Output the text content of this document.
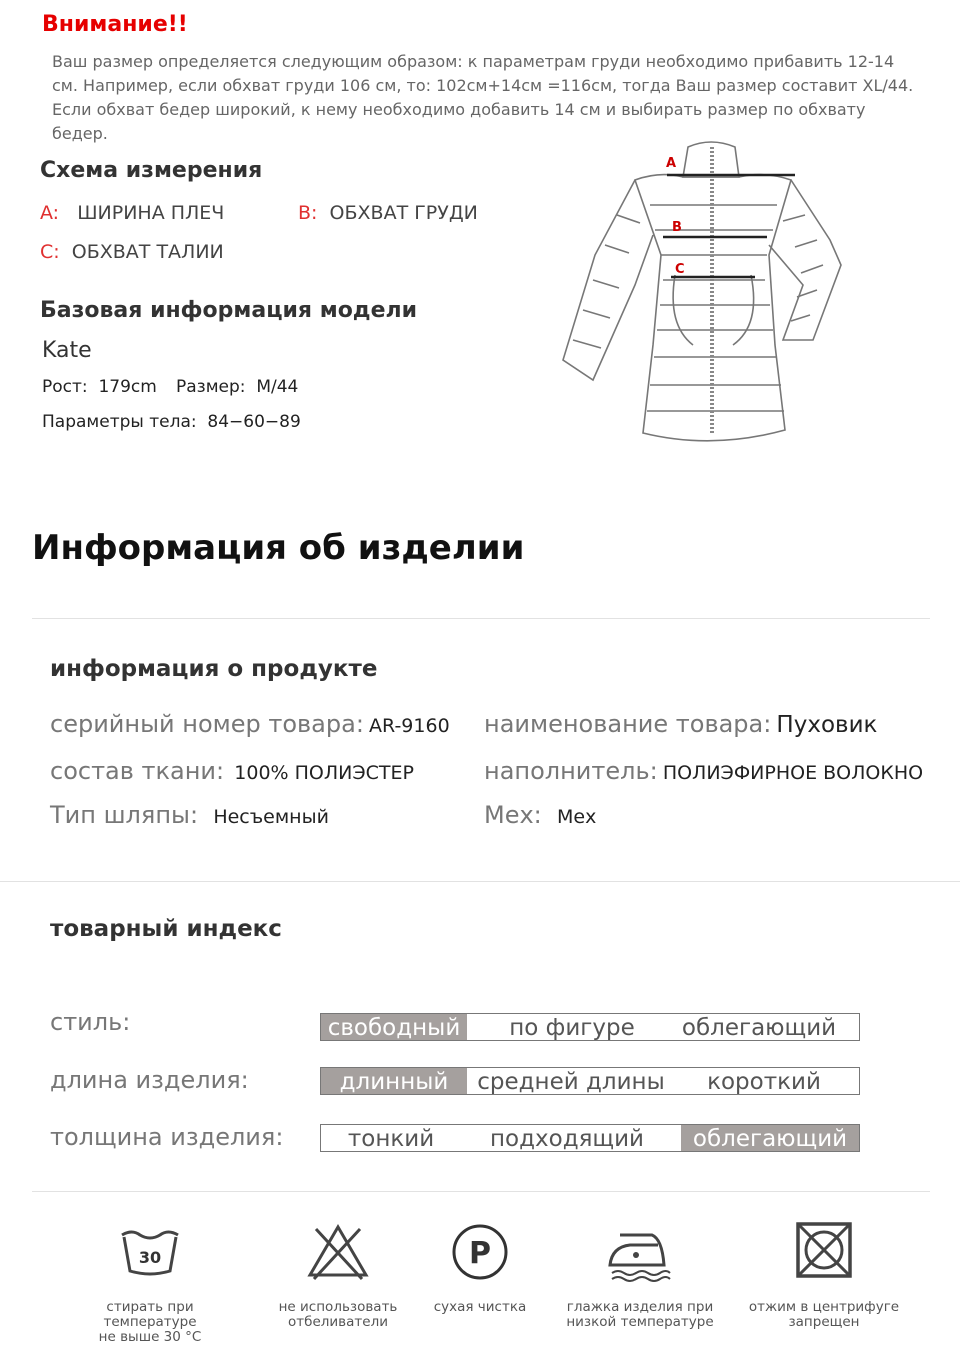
Внимание!!
Ваш размер определяется следующим образом: к параметрам груди необходимо прибавить 12-14
см. Например, если обхват груди 106 см, то: 102см+14см =116см, тогда Ваш размер составит XL/44.
Если обхват бедер широкий, к нему необходимо добавить 14 см и выбирать размер по обхвату
бедер.
Схема измерения
A: ШИРИНА ПЛЕЧ	B: ОБХВАТ ГРУДИ
C: ОБХВАТ ТАЛИИ
Базовая информация модели
Kate
Рост: 179cm Размер: M/44
Параметры тела: 84−60−89
A
B
C
Информация об изделии
информация о продукте
серийный номер товара: AR-9160 наименование товара: Пуховик
состав ткани: 100% ПОЛИЭСТЕР	наполнитель: ПОЛИЭФИРНОЕ ВОЛОКНО
Тип шляпы: Несъемный	Мех: Мех
товарный индекс
стиль:	свободный	по фигуре	облегающий
длина изделия:	длинный	средней длины	короткий
толщина изделия:	тонкий	подходящий	облегающий
30	P
стирать при температуре
не выше 30 °C
не использовать
отбеливатели
сухая чистка	глажка изделия при
низкой температуре
отжим в центрифуге
запрещен
